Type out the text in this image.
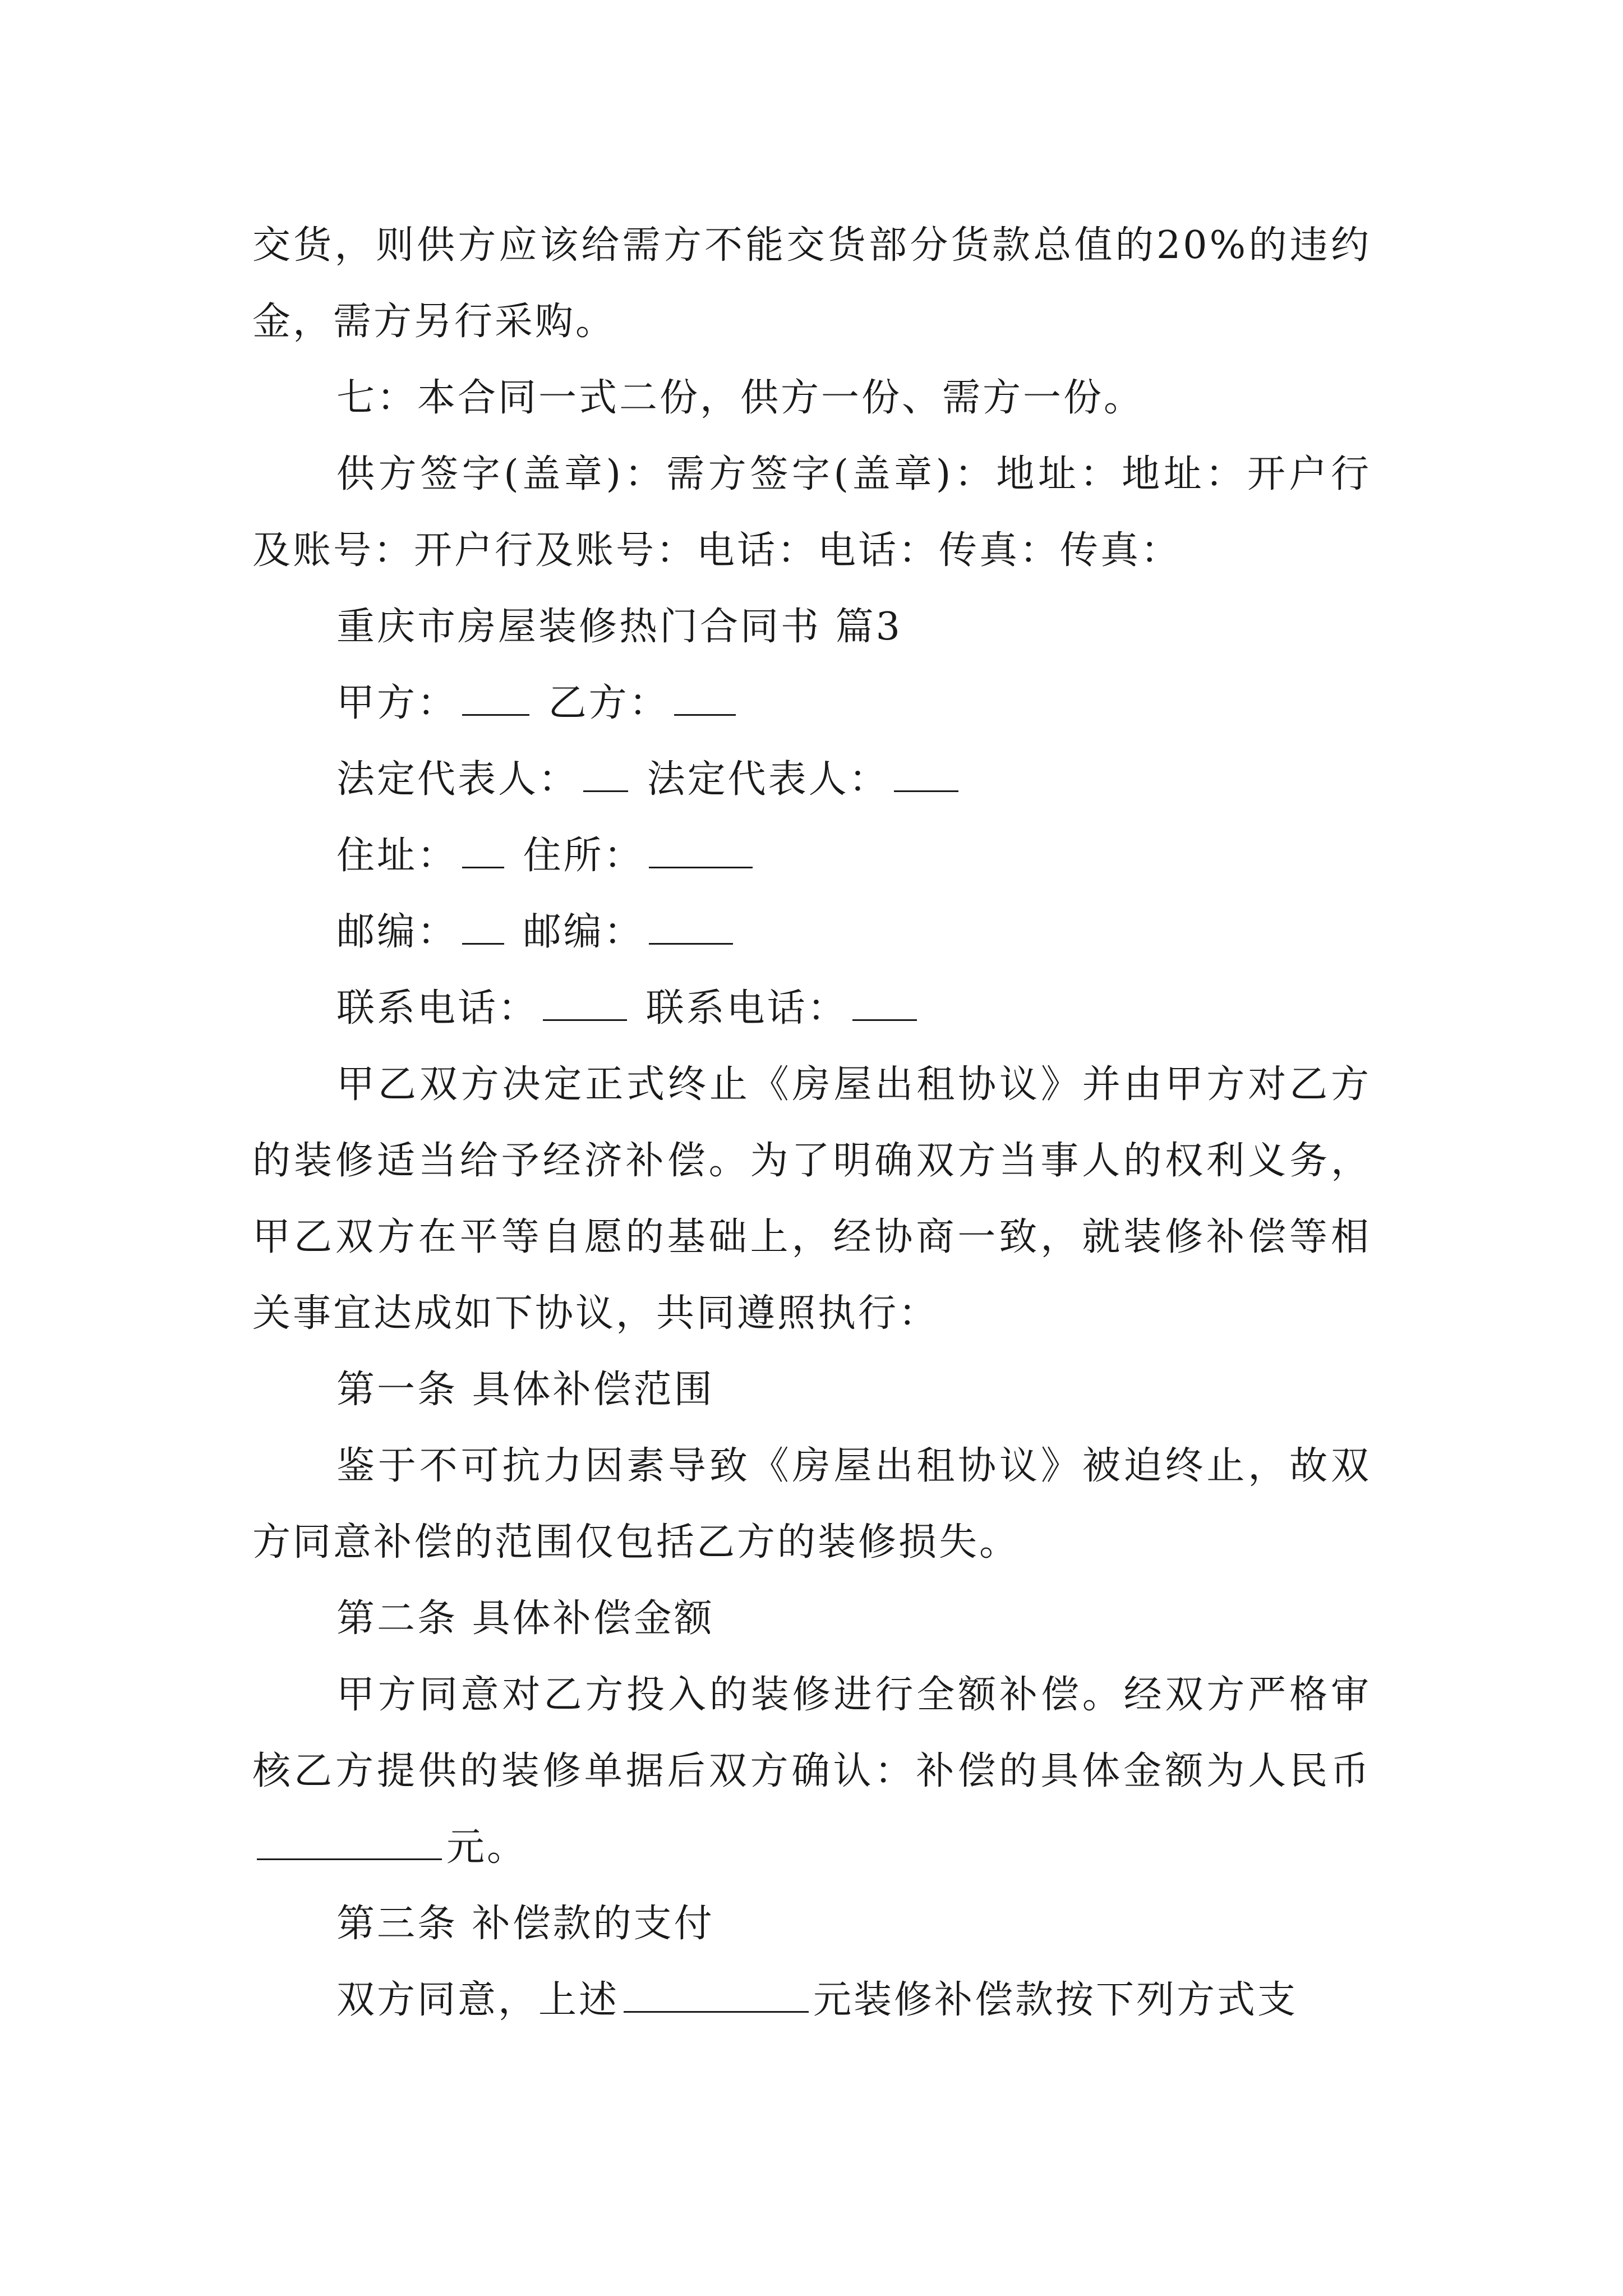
交货，则供方应该给需方不能交货部分货款总值的20%的违约金，需方另行采购。

七：本合同一式二份，供方一份、需方一份。

供方签字(盖章)：需方签字(盖章)：地址：地址：开户行及账号：开户行及账号：电话：电话：传真：传真：

重庆市房屋装修热门合同书 篇3

甲方： 乙方：

法定代表人： 法定代表人：

住址： 住所：

邮编： 邮编：

联系电话：	联系电话：

甲乙双方决定正式终止《房屋出租协议》并由甲方对乙方的装修适当给予经济补偿。为了明确双方当事人的权利义务，甲乙双方在平等自愿的基础上，经协商一致，就装修补偿等相关事宜达成如下协议，共同遵照执行：

第一条 具体补偿范围

鉴于不可抗力因素导致《房屋出租协议》被迫终止，故双方同意补偿的范围仅包括乙方的装修损失。

第二条 具体补偿金额

甲方同意对乙方投入的装修进行全额补偿。经双方严格审核乙方提供的装修单据后双方确认：补偿的具体金额为人民币元。

第三条 补偿款的支付

双方同意，上述	元装修补偿款按下列方式支
